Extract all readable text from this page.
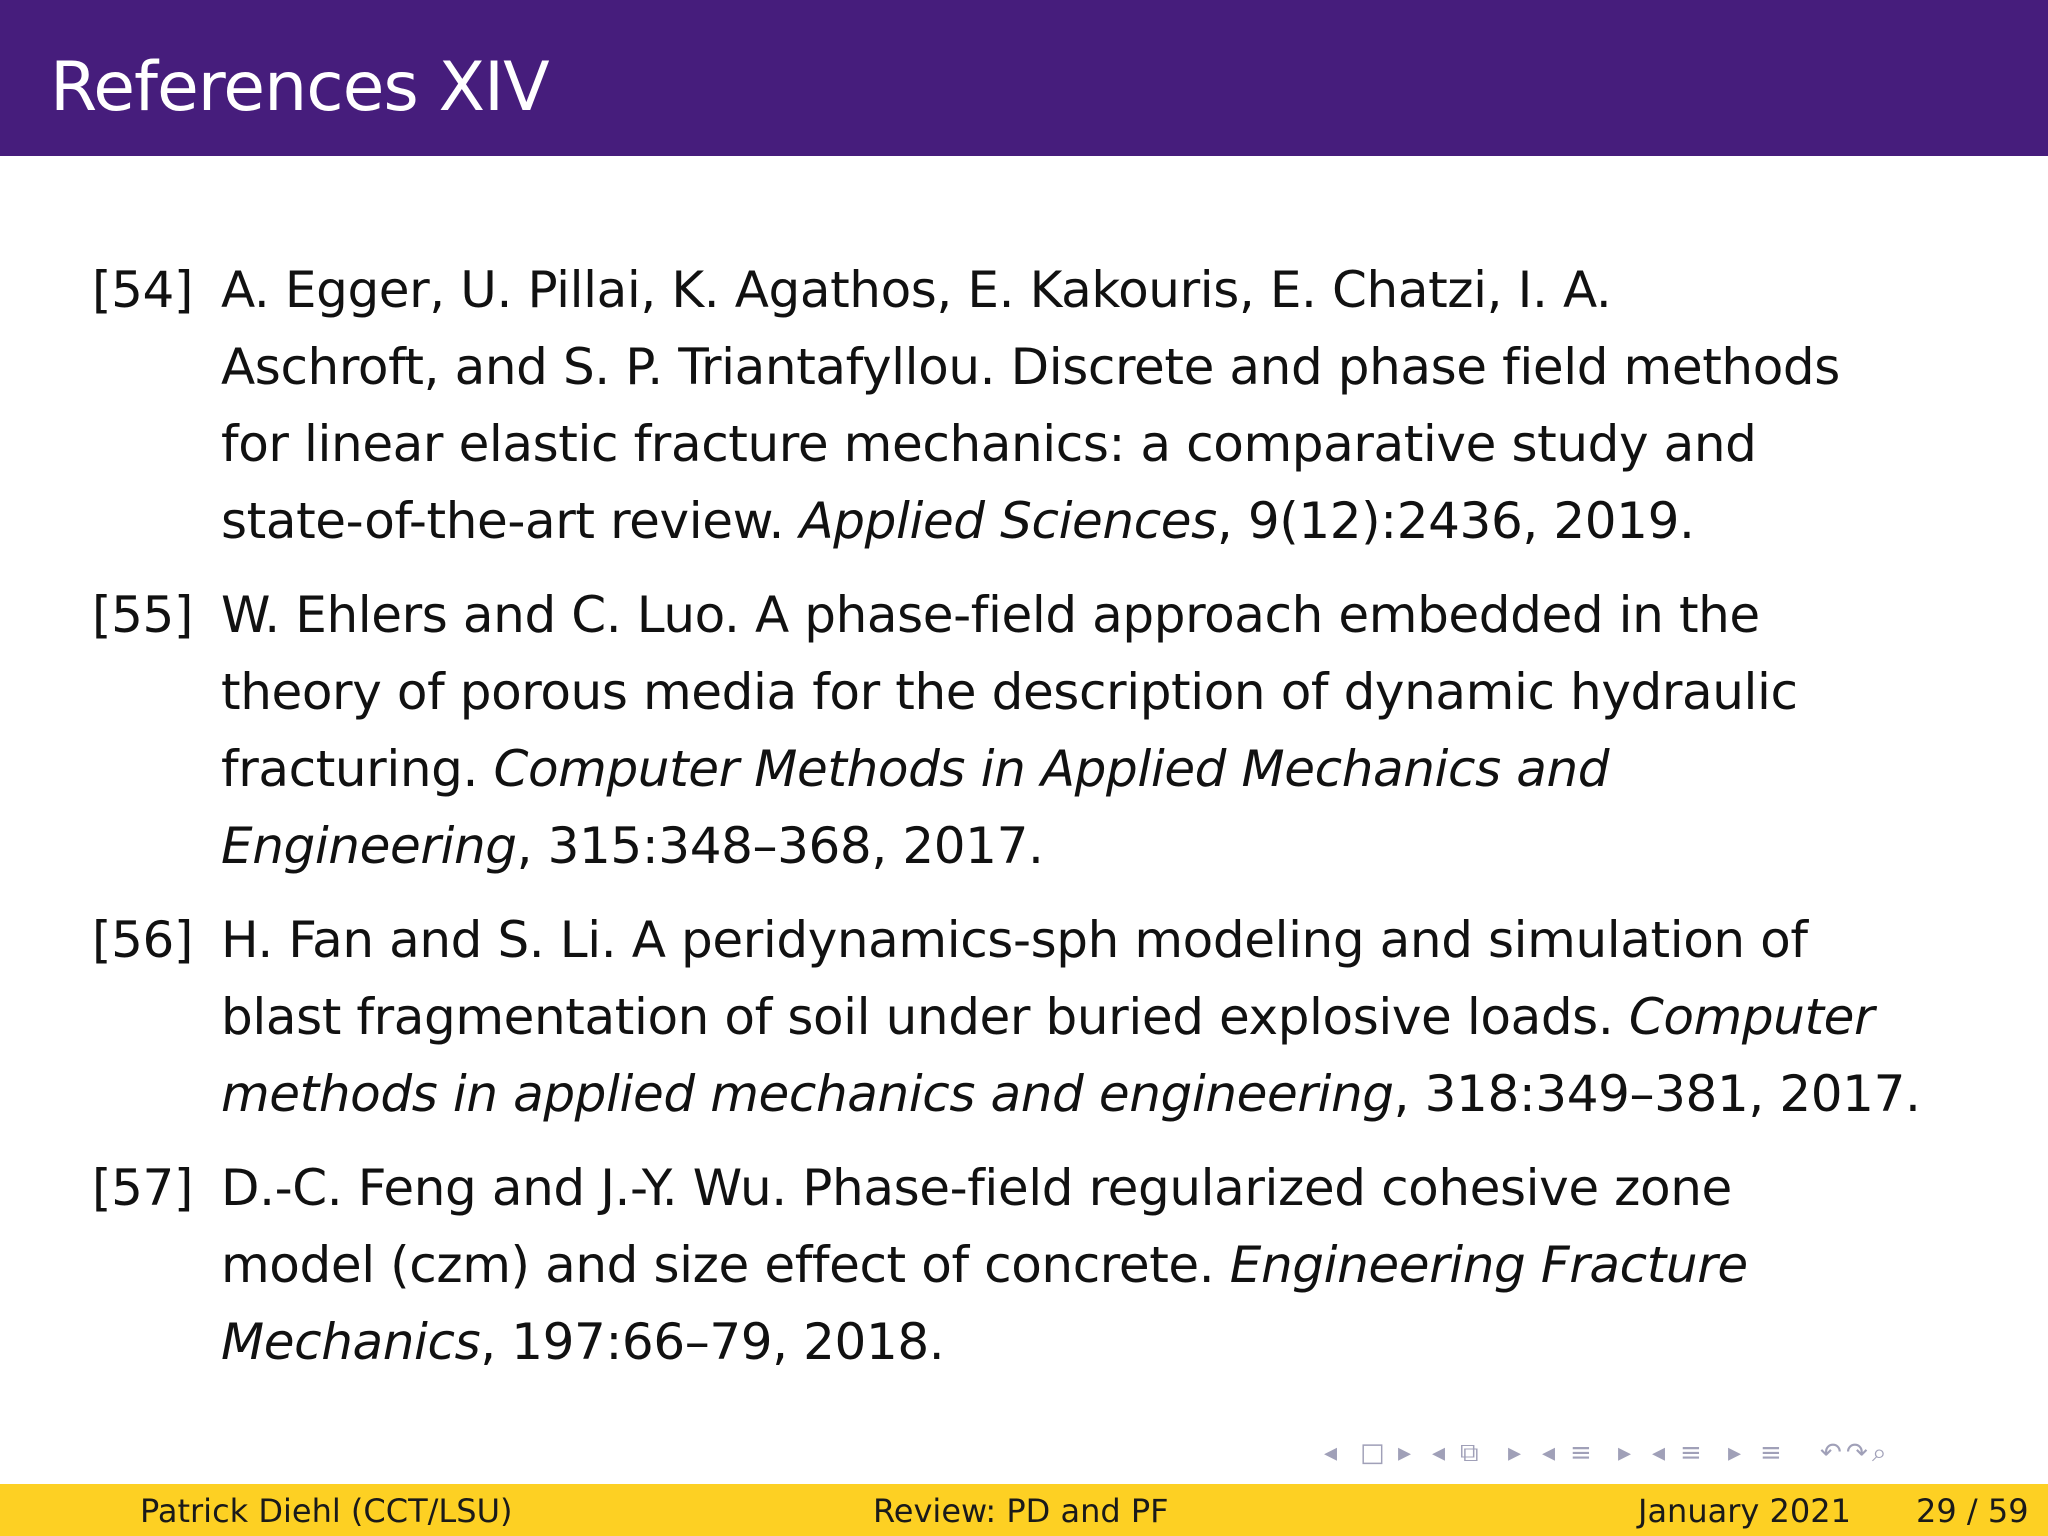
References XIV
[54] A. Egger, U. Pillai, K. Agathos, E. Kakouris, E. Chatzi, I. A.
Aschroft, and S. P. Triantafyllou. Discrete and phase field methods
for linear elastic fracture mechanics: a comparative study and
state-of-the-art review. Applied Sciences, 9(12):2436, 2019.
[55] W. Ehlers and C. Luo. A phase-field approach embedded in the
theory of porous media for the description of dynamic hydraulic
fracturing. Computer Methods in Applied Mechanics and
Engineering, 315:348–368, 2017.
[56] H. Fan and S. Li. A peridynamics-sph modeling and simulation of
blast fragmentation of soil under buried explosive loads. Computer
methods in applied mechanics and engineering, 318:349–381, 2017.
[57] D.-C. Feng and J.-Y. Wu. Phase-field regularized cohesive zone
model (czm) and size effect of concrete. Engineering Fracture
Mechanics, 197:66–79, 2018.
◂ □ ▸ ◂ ⧉ ▸ ◂ ≡ ▸ ◂ ≡ ▸ ≡ ↶ ↷ ⌕
Patrick Diehl (CCT/LSU)	Review: PD and PF	January 2021 29 / 59
